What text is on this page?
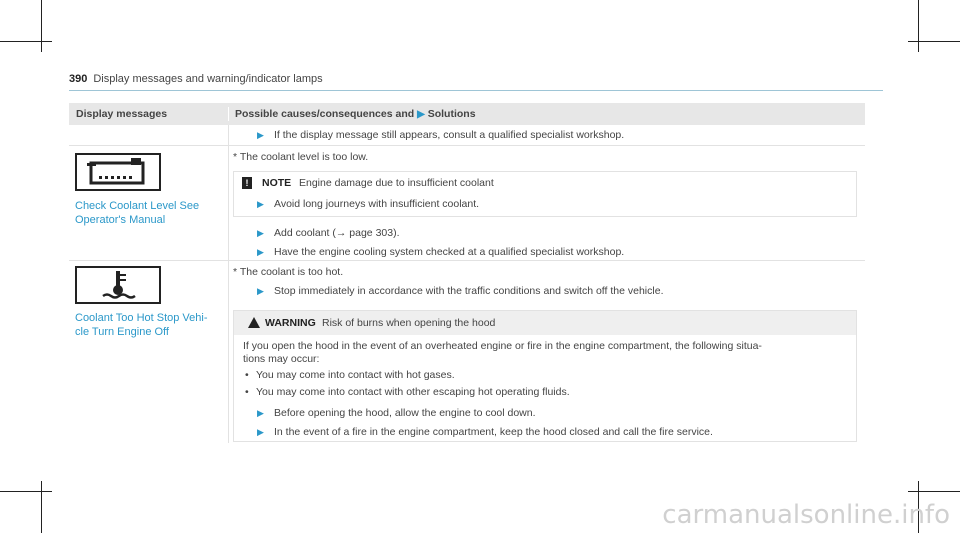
390 Display messages and warning/indicator lamps
Display messages	Possible causes/consequences and ▶ Solutions
▶ If the display message still appears, consult a qualified specialist workshop.
Check Coolant Level See
Operator's Manual
* The coolant level is too low.
!	NOTE Engine damage due to insufficient coolant
▶ Avoid long journeys with insufficient coolant.
▶ Add coolant (→ page 303).
▶ Have the engine cooling system checked at a qualified specialist workshop.
Coolant Too Hot Stop Vehi-
cle Turn Engine Off
* The coolant is too hot.
▶ Stop immediately in accordance with the traffic conditions and switch off the vehicle.
WARNING Risk of burns when opening the hood
If you open the hood in the event of an overheated engine or fire in the engine compartment, the following situa-
tions may occur:
• You may come into contact with hot gases.
• You may come into contact with other escaping hot operating fluids.
▶ Before opening the hood, allow the engine to cool down.
▶ In the event of a fire in the engine compartment, keep the hood closed and call the fire service.
carmanualsonline.info
